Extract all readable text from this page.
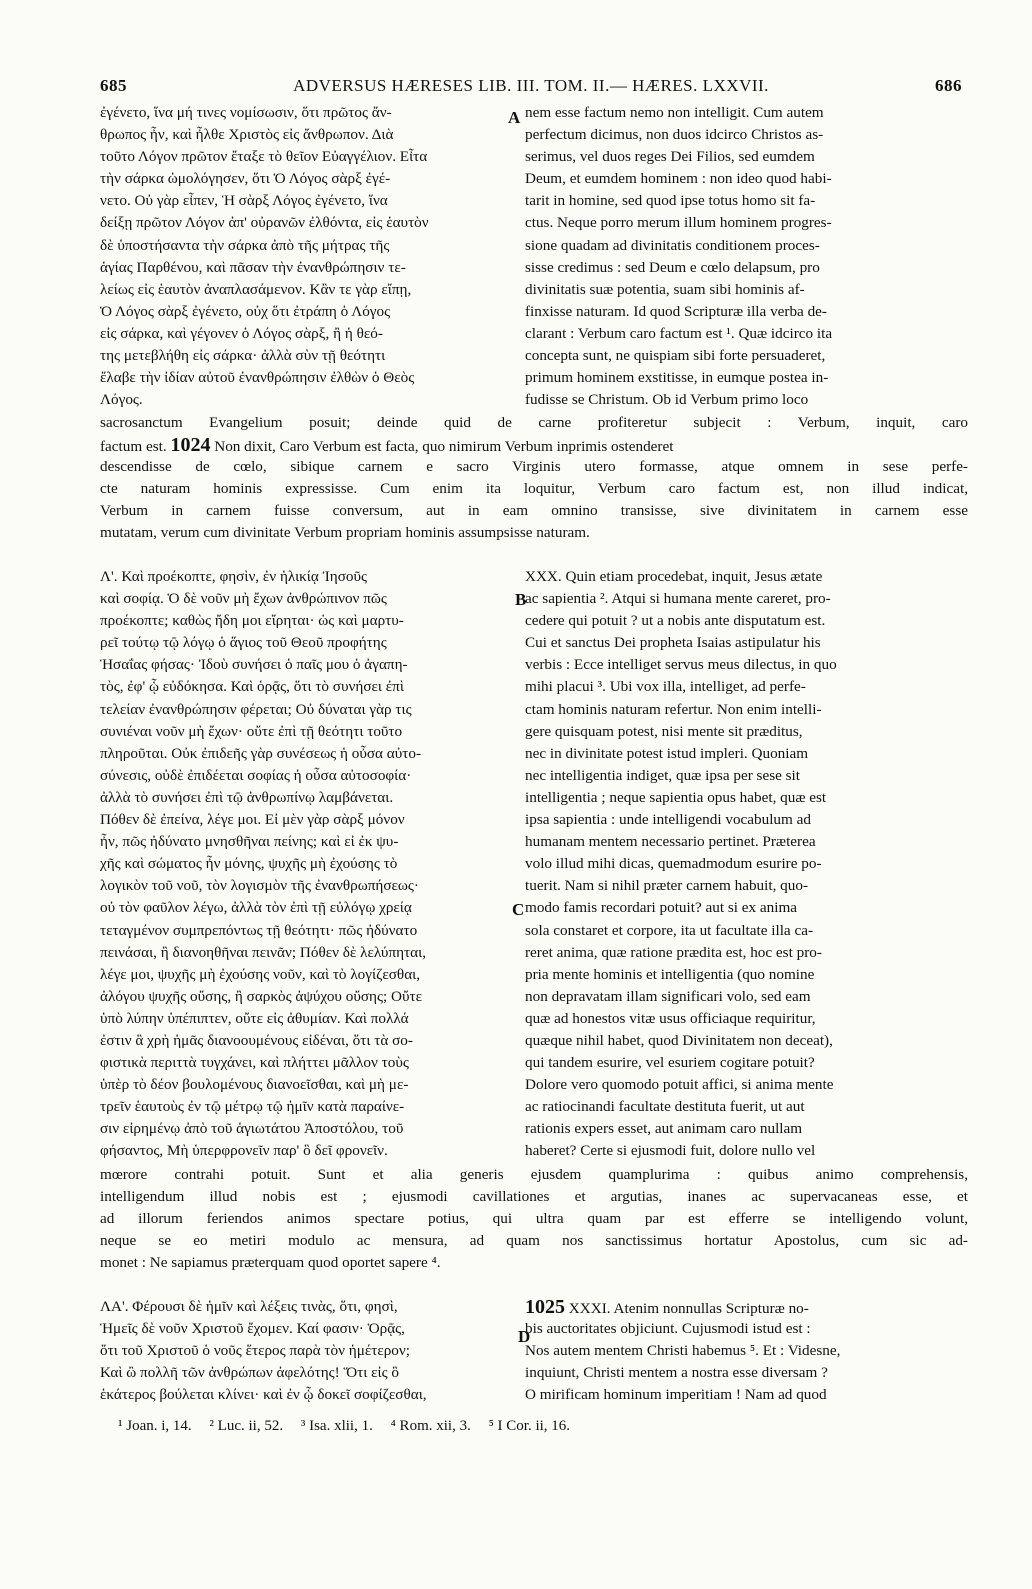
685	ADVERSUS HÆRESES LIB. III. TOM. II.— HÆRES. LXXVII.	686
A
B
C
D
ἐγένετο, ἵνα μή τινες νομίσωσιν, ὅτι πρῶτος ἄν-
θρωπος ἦν, καὶ ἦλθε Χριστὸς εἰς ἄνθρωπον. Διὰ
τοῦτο Λόγον πρῶτον ἔταξε τὸ θεῖον Εὐαγγέλιον. Εἶτα
τὴν σάρκα ὡμολόγησεν, ὅτι Ὁ Λόγος σὰρξ ἐγέ-
νετο. Οὐ γὰρ εἶπεν, Ἡ σὰρξ Λόγος ἐγένετο, ἵνα
δείξῃ πρῶτον Λόγον ἀπ' οὐρανῶν ἐλθόντα, εἰς ἑαυτὸν
δὲ ὑποστήσαντα τὴν σάρκα ἀπὸ τῆς μήτρας τῆς
ἁγίας Παρθένου, καὶ πᾶσαν τὴν ἐνανθρώπησιν τε-
λείως εἰς ἑαυτὸν ἀναπλασάμενον. Κἂν τε γὰρ εἴπῃ,
Ὁ Λόγος σὰρξ ἐγένετο, οὐχ ὅτι ἐτράπη ὁ Λόγος
εἰς σάρκα, καὶ γέγονεν ὁ Λόγος σὰρξ, ἢ ἡ θεό-
της μετεβλήθη εἰς σάρκα· ἀλλὰ σὺν τῇ θεότητι
ἔλαβε τὴν ἰδίαν αὐτοῦ ἐνανθρώπησιν ἐλθὼν ὁ Θεὸς
Λόγος.
nem esse factum nemo non intelligit. Cum autem
perfectum dicimus, non duos idcirco Christos as-
serimus, vel duos reges Dei Filios, sed eumdem
Deum, et eumdem hominem : non ideo quod habi-
tarit in homine, sed quod ipse totus homo sit fa-
ctus. Neque porro merum illum hominem progres-
sione quadam ad divinitatis conditionem proces-
sisse credimus : sed Deum e cœlo delapsum, pro
divinitatis suæ potentia, suam sibi hominis af-
finxisse naturam. Id quod Scripturæ illa verba de-
clarant : Verbum caro factum est ¹. Quæ idcirco ita
concepta sunt, ne quispiam sibi forte persuaderet,
primum hominem exstitisse, in eumque postea in-
fudisse se Christum. Ob id Verbum primo loco
sacrosanctum Evangelium posuit; deinde quid de carne profiteretur subjecit : Verbum, inquit, caro
factum est. 1024 Non dixit, Caro Verbum est facta, quo nimirum Verbum inprimis ostenderet
descendisse de cœlo, sibique carnem e sacro Virginis utero formasse, atque omnem in sese perfe-
cte naturam hominis expressisse. Cum enim ita loquitur, Verbum caro factum est, non illud indicat,
Verbum in carnem fuisse conversum, aut in eam omnino transisse, sive divinitatem in carnem esse
mutatam, verum cum divinitate Verbum propriam hominis assumpsisse naturam.
Λ'. Καὶ προέκοπτε, φησὶν, ἐν ἡλικίᾳ Ἰησοῦς
καὶ σοφίᾳ. Ὁ δὲ νοῦν μὴ ἔχων ἀνθρώπινον πῶς
προέκοπτε; καθὼς ἤδη μοι εἴρηται· ὡς καὶ μαρτυ-
ρεῖ τούτῳ τῷ λόγῳ ὁ ἅγιος τοῦ Θεοῦ προφήτης
Ἡσαΐας φήσας· Ἰδοὺ συνήσει ὁ παῖς μου ὁ ἀγαπη-
τὸς, ἐφ' ᾧ εὐδόκησα. Καὶ ὁρᾷς, ὅτι τὸ συνήσει ἐπὶ
τελείαν ἐνανθρώπησιν φέρεται; Οὐ δύναται γὰρ τις
συνιέναι νοῦν μὴ ἔχων· οὔτε ἐπὶ τῇ θεότητι τοῦτο
πληροῦται. Οὐκ ἐπιδεῆς γὰρ συνέσεως ἡ οὖσα αὐτο-
σύνεσις, οὐδὲ ἐπιδέεται σοφίας ἡ οὖσα αὐτοσοφία·
ἀλλὰ τὸ συνήσει ἐπὶ τῷ ἀνθρωπίνῳ λαμβάνεται.
Πόθεν δὲ ἐπείνα, λέγε μοι. Εἰ μὲν γὰρ σὰρξ μόνον
ἦν, πῶς ἠδύνατο μνησθῆναι πείνης; καὶ εἰ ἐκ ψυ-
χῆς καὶ σώματος ἦν μόνης, ψυχῆς μὴ ἐχούσης τὸ
λογικὸν τοῦ νοῦ, τὸν λογισμὸν τῆς ἐνανθρωπήσεως·
οὐ τὸν φαῦλον λέγω, ἀλλὰ τὸν ἐπὶ τῇ εὐλόγῳ χρείᾳ
τεταγμένον συμπρεπόντως τῇ θεότητι· πῶς ἠδύνατο
πεινάσαι, ἢ διανοηθῆναι πεινᾶν; Πόθεν δὲ λελύπηται,
λέγε μοι, ψυχῆς μὴ ἐχούσης νοῦν, καὶ τὸ λογίζεσθαι,
ἀλόγου ψυχῆς οὔσης, ἢ σαρκὸς ἀψύχου οὔσης; Οὔτε
ὑπὸ λύπην ὑπέπιπτεν, οὔτε εἰς ἀθυμίαν. Καὶ πολλά
ἐστιν ἃ χρὴ ἡμᾶς διανοουμένους εἰδέναι, ὅτι τὰ σο-
φιστικὰ περιττὰ τυγχάνει, καὶ πλήττει μᾶλλον τοὺς
ὑπὲρ τὸ δέον βουλομένους διανοεῖσθαι, καὶ μὴ με-
τρεῖν ἑαυτοὺς ἐν τῷ μέτρῳ τῷ ἡμῖν κατὰ παραίνε-
σιν εἰρημένῳ ἀπὸ τοῦ ἁγιωτάτου Ἀποστόλου, τοῦ
φήσαντος, Μὴ ὑπερφρονεῖν παρ' ὃ δεῖ φρονεῖν.
XXX. Quin etiam procedebat, inquit, Jesus ætate
ac sapientia ². Atqui si humana mente careret, pro-
cedere qui potuit ? ut a nobis ante disputatum est.
Cui et sanctus Dei propheta Isaias astipulatur his
verbis : Ecce intelliget servus meus dilectus, in quo
mihi placui ³. Ubi vox illa, intelliget, ad perfe-
ctam hominis naturam refertur. Non enim intelli-
gere quisquam potest, nisi mente sit præditus,
nec in divinitate potest istud impleri. Quoniam
nec intelligentia indiget, quæ ipsa per sese sit
intelligentia ; neque sapientia opus habet, quæ est
ipsa sapientia : unde intelligendi vocabulum ad
humanam mentem necessario pertinet. Præterea
volo illud mihi dicas, quemadmodum esurire po-
tuerit. Nam si nihil præter carnem habuit, quo-
modo famis recordari potuit? aut si ex anima
sola constaret et corpore, ita ut facultate illa ca-
reret anima, quæ ratione prædita est, hoc est pro-
pria mente hominis et intelligentia (quo nomine
non depravatam illam significari volo, sed eam
quæ ad honestos vitæ usus officiaque requiritur,
quæque nihil habet, quod Divinitatem non deceat),
qui tandem esurire, vel esuriem cogitare potuit?
Dolore vero quomodo potuit affici, si anima mente
ac ratiocinandi facultate destituta fuerit, ut aut
rationis expers esset, aut animam caro nullam
haberet? Certe si ejusmodi fuit, dolore nullo vel
mœrore contrahi potuit. Sunt et alia generis ejusdem quamplurima : quibus animo comprehensis,
intelligendum illud nobis est ; ejusmodi cavillationes et argutias, inanes ac supervacaneas esse, et
ad illorum feriendos animos spectare potius, qui ultra quam par est efferre se intelligendo volunt,
neque se eo metiri modulo ac mensura, ad quam nos sanctissimus hortatur Apostolus, cum sic ad-
monet : Ne sapiamus præterquam quod oportet sapere ⁴.
ΛΑ'. Φέρουσι δὲ ἡμῖν καὶ λέξεις τινὰς, ὅτι, φησὶ,
Ἡμεῖς δὲ νοῦν Χριστοῦ ἔχομεν. Καί φασιν· Ὁρᾷς,
ὅτι τοῦ Χριστοῦ ὁ νοῦς ἕτερος παρὰ τὸν ἡμέτερον;
Καὶ ὢ πολλῆ τῶν ἀνθρώπων ἀφελότης! Ὅτι εἰς ὃ
ἑκάτερος βούλεται κλίνει· καὶ ἐν ᾧ δοκεῖ σοφίζεσθαι,
1025 XXXI. Atenim nonnullas Scripturæ no-
bis auctoritates objiciunt. Cujusmodi istud est :
Nos autem mentem Christi habemus ⁵. Et : Videsne,
inquiunt, Christi mentem a nostra esse diversam ?
O mirificam hominum imperitiam ! Nam ad quod
¹ Joan. i, 14. ² Luc. ii, 52. ³ Isa. xlii, 1. ⁴ Rom. xii, 3. ⁵ I Cor. ii, 16.
